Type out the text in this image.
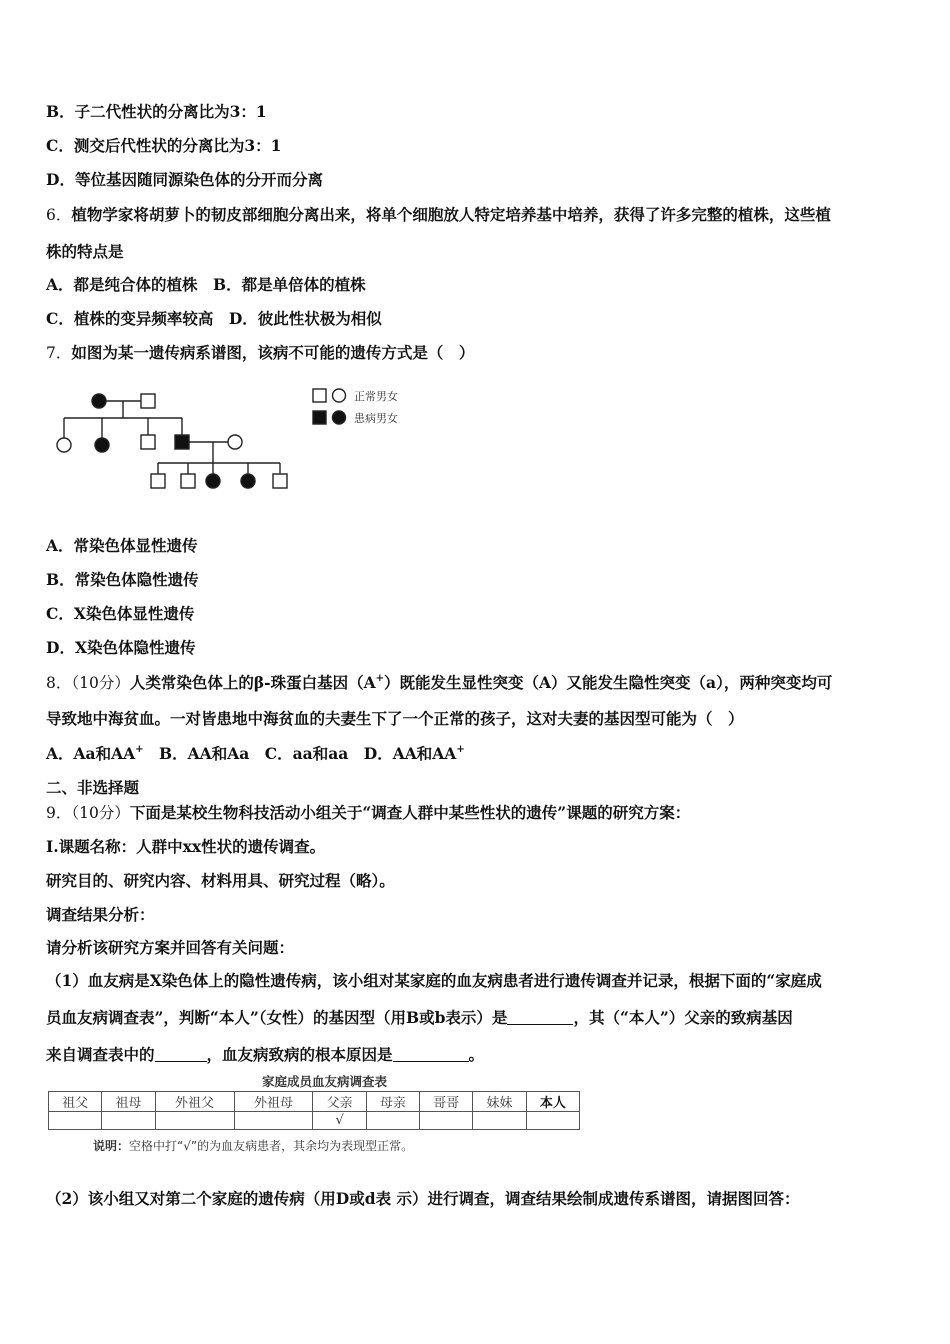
B．子二代性状的分离比为3：1
C．测交后代性状的分离比为3：1
D．等位基因随同源染色体的分开而分离
6．植物学家将胡萝卜的韧皮部细胞分离出来，将单个细胞放人特定培养基中培养，获得了许多完整的植株，这些植
株的特点是
A．都是纯合体的植株　B．都是单倍体的植株
C．植株的变异频率较高　D．彼此性状极为相似
7．如图为某一遗传病系谱图，该病不可能的遗传方式是（　）
正常男女
患病男女
A．常染色体显性遗传
B．常染色体隐性遗传
C．X染色体显性遗传
D．X染色体隐性遗传
8．（10分）人类常染色体上的β-珠蛋白基因（A+）既能发生显性突变（A）又能发生隐性突变（a），两种突变均可
导致地中海贫血。一对皆患地中海贫血的夫妻生下了一个正常的孩子，这对夫妻的基因型可能为（　）
A．Aa和AA+　B．AA和Aa　C．aa和aa　D．AA和AA+
二、非选择题
9．（10分）下面是某校生物科技活动小组关于“调查人群中某些性状的遗传”课题的研究方案：
I.课题名称：人群中xx性状的遗传调查。
研究目的、研究内容、材料用具、研究过程（略）。
调查结果分析：
请分析该研究方案并回答有关问题：
（1）血友病是X染色体上的隐性遗传病，该小组对某家庭的血友病患者进行遗传调查并记录，根据下面的“家庭成
员血友病调查表”，判断“本人”（女性）的基因型（用B或b表示）是	，其（“本人”）父亲的致病基因
来自调查表中的	，血友病致病的根本原因是	。
家庭成员血友病调查表
祖父	祖母	外祖父	外祖母	父亲	母亲	哥哥	妹妹	本人
				√				
说明：空格中打“√”的为血友病患者，其余均为表现型正常。
（2）该小组又对第二个家庭的遗传病（用D或d表 示）进行调查，调查结果绘制成遗传系谱图，请据图回答：
